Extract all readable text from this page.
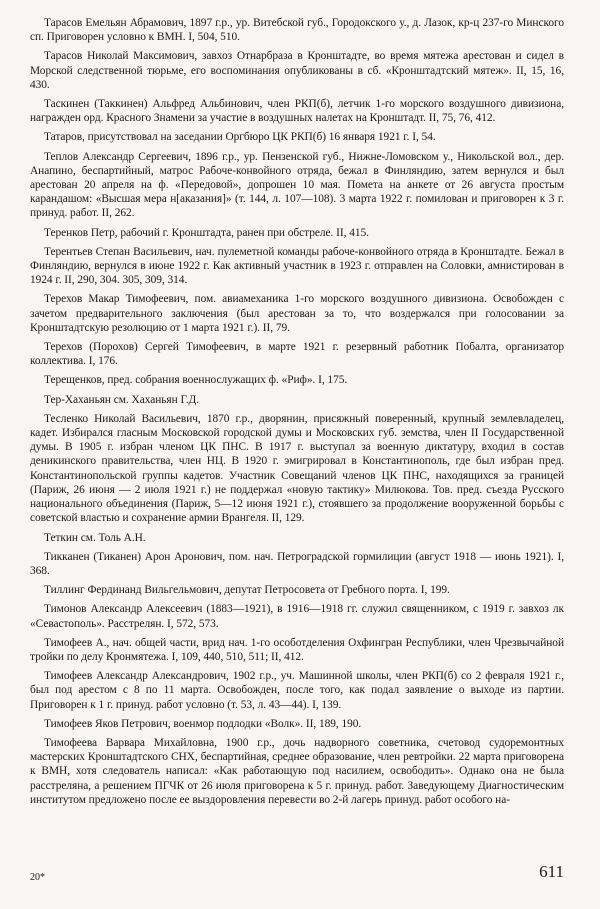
Тарасов Емельян Абрамович, 1897 г.р., ур. Витебской губ., Городокского у., д. Лазок, кр-ц 237-го Минского сп. Приговорен условно к ВМН. I, 504, 510.

Тарасов Николай Максимович, завхоз Отнарбраза в Кронштадте, во время мятежа арестован и сидел в Морской следственной тюрьме, его воспоминания опубликованы в сб. «Кронштадтский мятеж». II, 15, 16, 430.

Таскинен (Таккинен) Альфред Альбинович, член РКП(б), летчик 1-го морского воздушного дивизиона, награжден орд. Красного Знамени за участие в воздушных налетах на Кронштадт. II, 75, 76, 412.

Татаров, присутствовал на заседании Оргбюро ЦК РКП(б) 16 января 1921 г. I, 54.

Теплов Александр Сергеевич, 1896 г.р., ур. Пензенской губ., Нижне-Ломовском у., Никольской вол., дер. Анапино, беспартийный, матрос Рабоче-конвойного отряда, бежал в Финляндию, затем вернулся и был арестован 20 апреля на ф. «Передовой», допрошен 10 мая. Помета на анкете от 26 августа простым карандашом: «Высшая мера н[аказания]» (т. 144, л. 107—108). 3 марта 1922 г. помилован и приговорен к 3 г. принуд. работ. II, 262.

Теренков Петр, рабочий г. Кронштадта, ранен при обстреле. II, 415.

Терентьев Степан Васильевич, нач. пулеметной команды рабоче-конвойного отряда в Кронштадте. Бежал в Финляндию, вернулся в июне 1922 г. Как активный участник в 1923 г. отправлен на Соловки, амнистирован в 1924 г. II, 290, 304. 305, 309, 314.

Терехов Макар Тимофеевич, пом. авиамеханика 1-го морского воздушного дивизиона. Освобожден с зачетом предварительного заключения (был арестован за то, что воздержался при голосовании за Кронштадтскую резолюцию от 1 марта 1921 г.). II, 79.

Терехов (Порохов) Сергей Тимофеевич, в марте 1921 г. резервный работник Побалта, организатор коллектива. I, 176.

Терещенков, пред. собрания военнослужащих ф. «Риф». I, 175.

Тер-Хаханьян см. Хаханьян Г.Д.

Тесленко Николай Васильевич, 1870 г.р., дворянин, присяжный поверенный, крупный землевладелец, кадет. Избирался гласным Московской городской думы и Московских губ. земства, член II Государственной думы. В 1905 г. избран членом ЦК ПНС. В 1917 г. выступал за военную диктатуру, входил в состав деникинского правительства, член НЦ. В 1920 г. эмигрировал в Константинополь, где был избран пред. Константинопольской группы кадетов. Участник Совещаний членов ЦК ПНС, находящихся за границей (Париж, 26 июня — 2 июля 1921 г.) не поддержал «новую тактику» Милюкова. Тов. пред. съезда Русского национального объединения (Париж, 5—12 июня 1921 г.), стоявшего за продолжение вооруженной борьбы с советской властью и сохранение армии Врангеля. II, 129.

Теткин см. Толь А.Н.

Тикканен (Тиканен) Арон Аронович, пом. нач. Петроградской гормилиции (август 1918 — июнь 1921). I, 368.

Тиллинг Фердинанд Вильгельмович, депутат Петросовета от Гребного порта. I, 199.

Тимонов Александр Алексеевич (1883—1921), в 1916—1918 гг. служил священником, с 1919 г. завхоз лк «Севастополь». Расстрелян. I, 572, 573.

Тимофеев А., нач. общей части, врид нач. 1-го особотделения Охфингран Республики, член Чрезвычайной тройки по делу Кронмятежа. I, 109, 440, 510, 511; II, 412.

Тимофеев Александр Александрович, 1902 г.р., уч. Машинной школы, член РКП(б) со 2 февраля 1921 г., был под арестом с 8 по 11 марта. Освобожден, после того, как подал заявление о выходе из партии. Приговорен к 1 г. принуд. работ условно (т. 53, л. 43—44). I, 139.

Тимофеев Яков Петрович, военмор подлодки «Волк». II, 189, 190.

Тимофеева Варвара Михайловна, 1900 г.р., дочь надворного советника, счетовод судоремонтных мастерских Кронштадтского СНХ, беспартийная, среднее образование, член ревтройки. 22 марта приговорена к ВМН, хотя следователь написал: «Как работающую под насилием, освободить». Однако она не была расстреляна, а решением ПГЧК от 26 июля приговорена к 5 г. принуд. работ. Заведующему Диагностическим институтом предложено после ее выздоровления перевести во 2-й лагерь принуд. работ особого на-

20*	611
